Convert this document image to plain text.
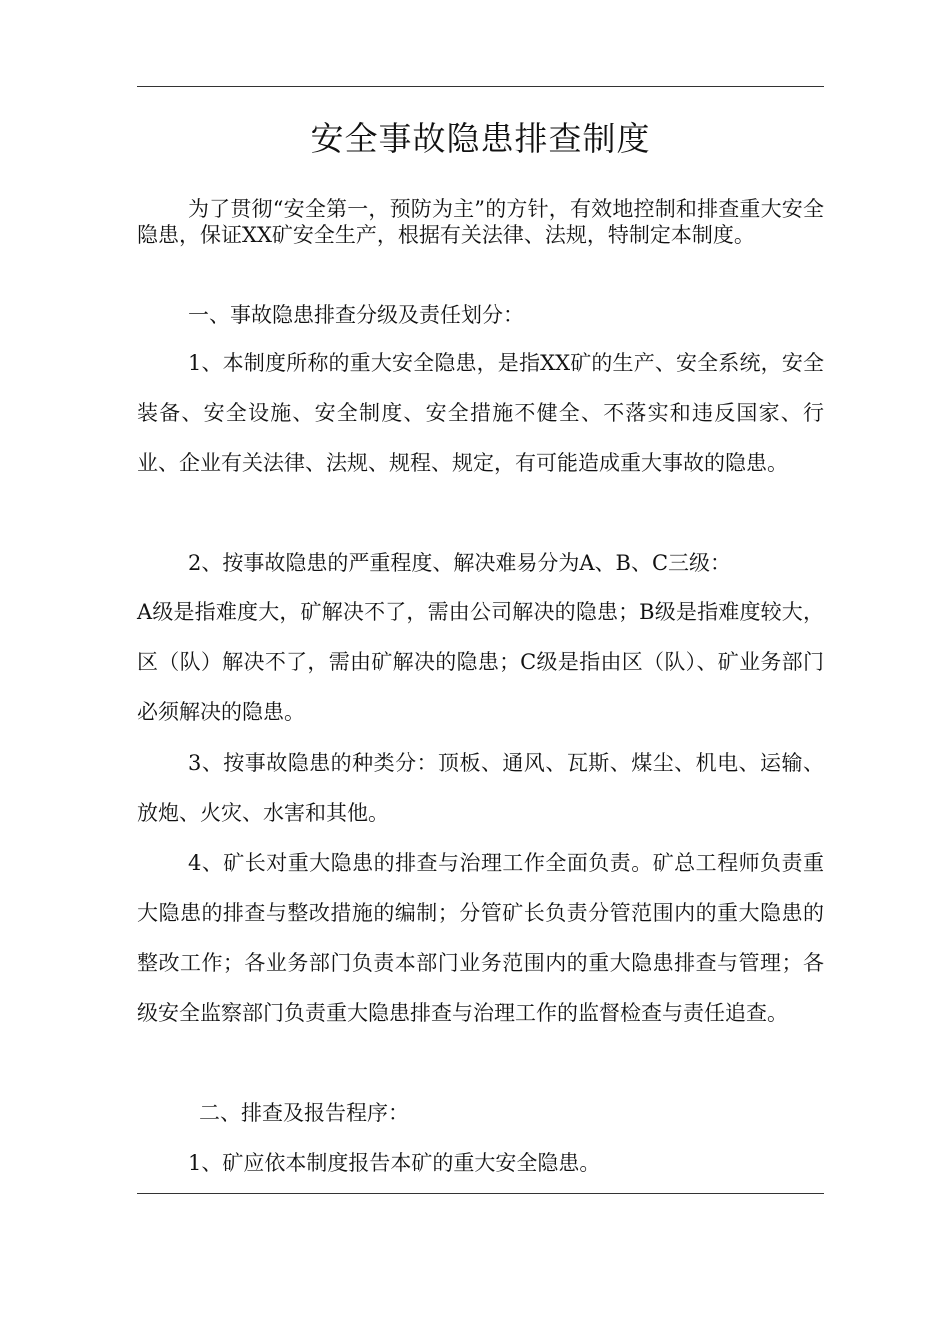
安全事故隐患排查制度
为了贯彻“安全第一，预防为主”的方针，有效地控制和排查重大安全隐患，保证XX矿安全生产，根据有关法律、法规，特制定本制度。
一、事故隐患排查分级及责任划分：
1、本制度所称的重大安全隐患，是指XX矿的生产、安全系统，安全装备、安全设施、安全制度、安全措施不健全、不落实和违反国家、行业、企业有关法律、法规、规程、规定，有可能造成重大事故的隐患。
2、按事故隐患的严重程度、解决难易分为A、B、C三级：
A级是指难度大，矿解决不了，需由公司解决的隐患；B级是指难度较大，区（队）解决不了，需由矿解决的隐患；C级是指由区（队）、矿业务部门必须解决的隐患。
3、按事故隐患的种类分：顶板、通风、瓦斯、煤尘、机电、运输、放炮、火灾、水害和其他。
4、矿长对重大隐患的排查与治理工作全面负责。矿总工程师负责重大隐患的排查与整改措施的编制；分管矿长负责分管范围内的重大隐患的整改工作；各业务部门负责本部门业务范围内的重大隐患排查与管理；各级安全监察部门负责重大隐患排查与治理工作的监督检查与责任追查。
二、排查及报告程序：
1、矿应依本制度报告本矿的重大安全隐患。
